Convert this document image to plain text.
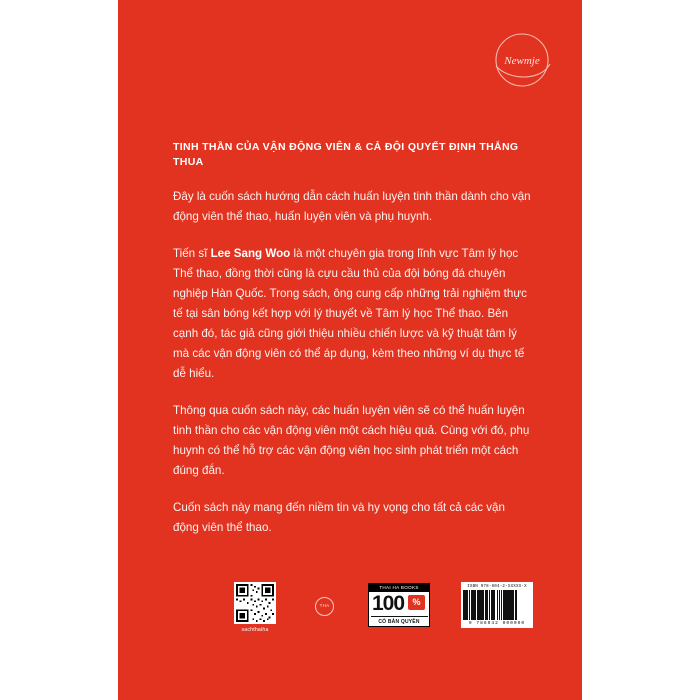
Newmje
TINH THẦN CỦA VẬN ĐỘNG VIÊN & CẢ ĐỘI QUYẾT ĐỊNH THẮNG THUA

Đây là cuốn sách hướng dẫn cách huấn luyện tinh thần dành cho vận động viên thể thao, huấn luyện viên và phụ huynh.

Tiến sĩ Lee Sang Woo là một chuyên gia trong lĩnh vực Tâm lý học Thể thao, đồng thời cũng là cựu cầu thủ của đội bóng đá chuyên nghiệp Hàn Quốc. Trong sách, ông cung cấp những trải nghiệm thực tế tại sân bóng kết hợp với lý thuyết về Tâm lý học Thể thao. Bên cạnh đó, tác giả cũng giới thiệu nhiều chiến lược và kỹ thuật tâm lý mà các vận động viên có thể áp dụng, kèm theo những ví dụ thực tế dễ hiểu.

Thông qua cuốn sách này, các huấn luyện viên sẽ có thể huấn luyện tinh thần cho các vận động viên một cách hiệu quả. Cùng với đó, phụ huynh có thể hỗ trợ các vận động viên học sinh phát triển một cách đúng đắn.

Cuốn sách này mang đến niềm tin và hy vọng cho tất cả các vận động viên thể thao.

sachthaiha
THA
THAI HA BOOKS
100 %
CÓ BẢN QUYỀN
ISBN 978-604-2-XXXXX-X
9 786042 000000
